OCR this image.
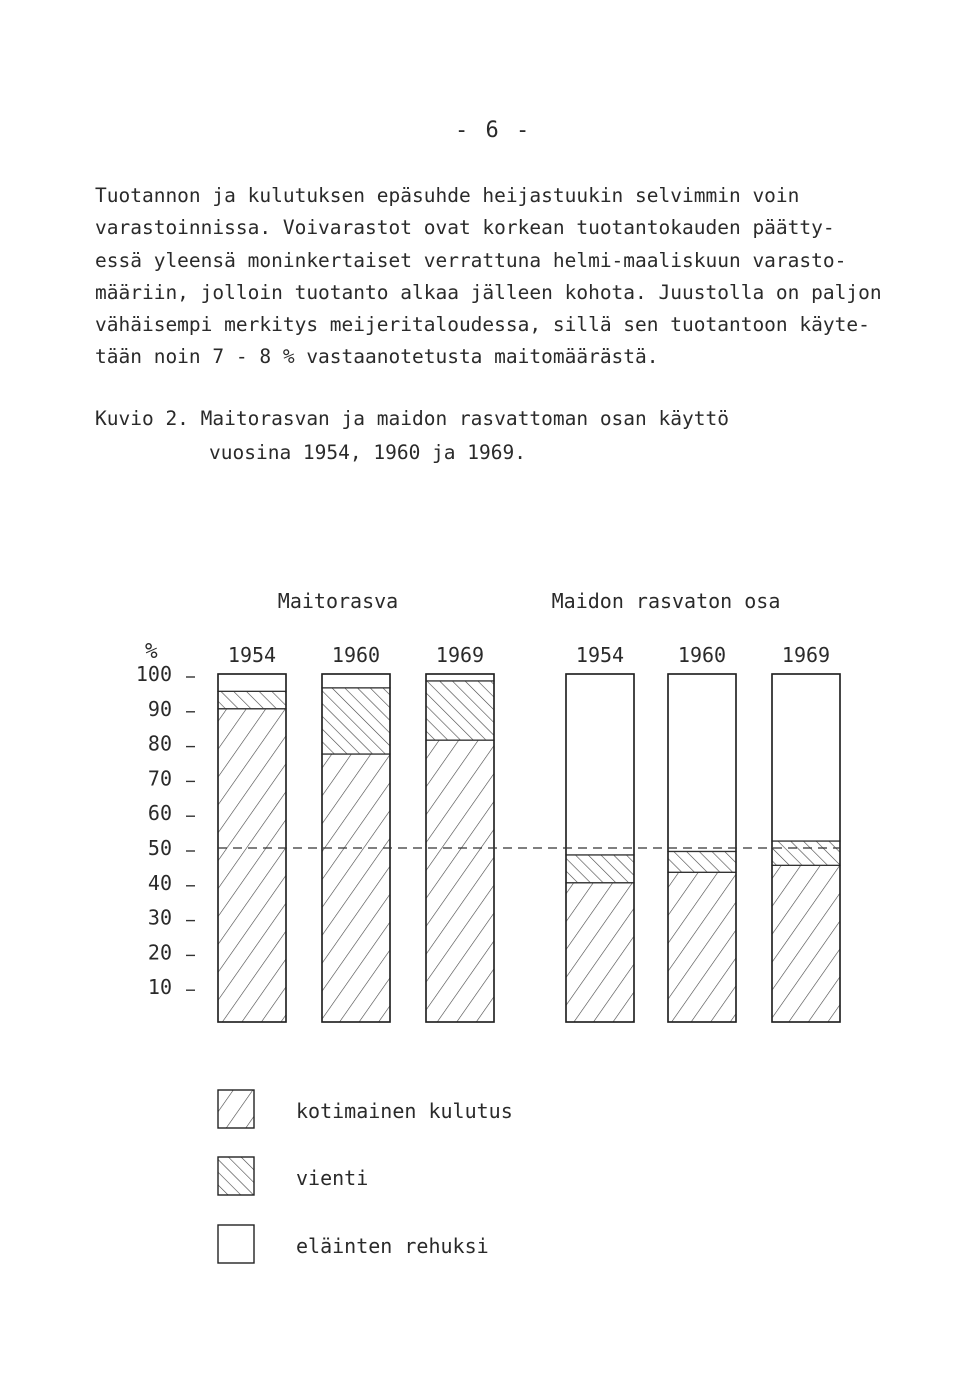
- 6 -
Tuotannon ja kulutuksen epäsuhde heijastuukin selvimmin voin
varastoinnissa. Voivarastot ovat korkean tuotantokauden päätty-
essä yleensä moninkertaiset verrattuna helmi-maaliskuun varasto-
määriin, jolloin tuotanto alkaa jälleen kohota. Juustolla on paljon
vähäisempi merkitys meijeritaloudessa, sillä sen tuotantoon käyte-
tään noin 7 - 8 % vastaanotetusta maitomäärästä.
Kuvio 2. Maitorasvan ja maidon rasvattoman osan käyttö
vuosina 1954, 1960 ja 1969.
%
10
20
30
40
50
60
70
80
90
100
Maitorasva	Maidon rasvaton osa
1954	1960	1969	1954	1960	1969
kotimainen kulutus
vienti
eläinten rehuksi
